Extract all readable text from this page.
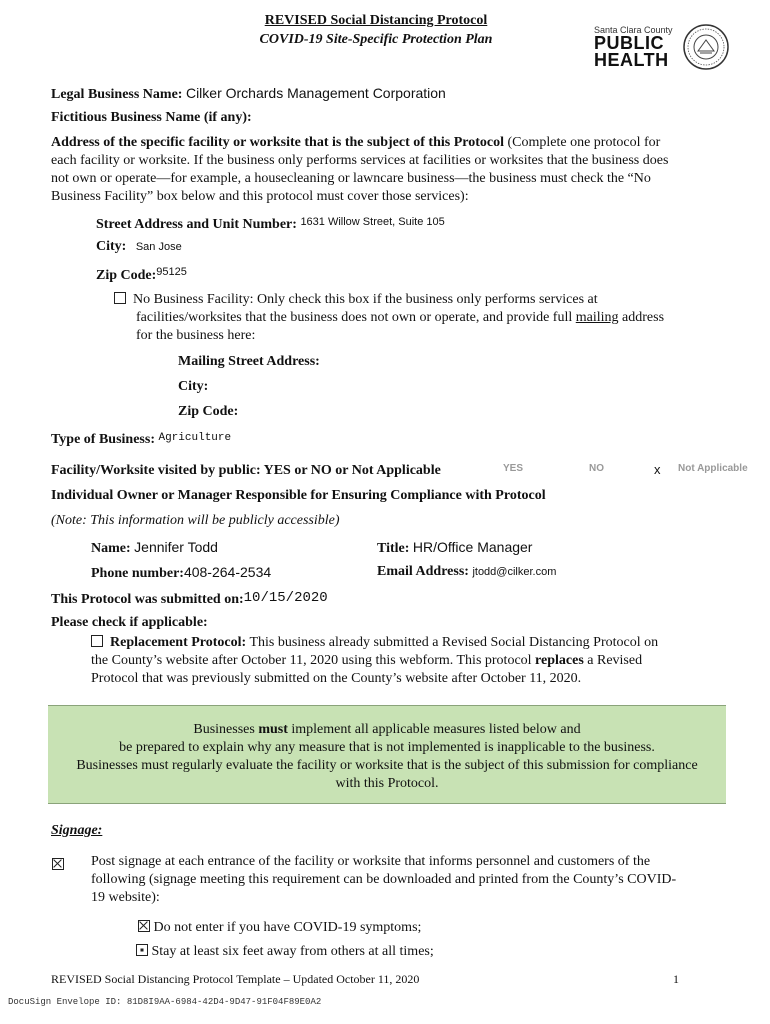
REVISED Social Distancing Protocol
COVID-19 Site-Specific Protection Plan
Santa Clara County
PUBLIC
HEALTH
Legal Business Name: Cilker Orchards Management Corporation
Fictitious Business Name (if any):
Address of the specific facility or worksite that is the subject of this Protocol (Complete one protocol for
each facility or worksite. If the business only performs services at facilities or worksites that the business does
not own or operate—for example, a housecleaning or lawncare business—the business must check the “No
Business Facility” box below and this protocol must cover those services):
Street Address and Unit Number: $^{1631 Willow Street, Suite 105}$
City: San Jose
Zip Code:$^{95125}$
No Business Facility: Only check this box if the business only performs services at
facilities/worksites that the business does not own or operate, and provide full mailing address
for the business here:
Mailing Street Address:
City:
Zip Code:
Type of Business: $^{Agriculture}$
Facility/Worksite visited by public: YES or NO or Not Applicable	YES	NO	x Not Applicable
Individual Owner or Manager Responsible for Ensuring Compliance with Protocol
(Note: This information will be publicly accessible)
Name: Jennifer Todd	Title: HR/Office Manager
Phone number:408-264-2534	Email Address: jtodd@cilker.com
This Protocol was submitted on:10/15/2020
Please check if applicable:
Replacement Protocol: This business already submitted a Revised Social Distancing Protocol on
the County’s website after October 11, 2020 using this webform. This protocol replaces a Revised
Protocol that was previously submitted on the County’s website after October 11, 2020.

Businesses must implement all applicable measures listed below and

be prepared to explain why any measure that is not implemented is inapplicable to the business.

Businesses must regularly evaluate the facility or worksite that is the subject of this submission for compliance

with this Protocol.

Signage:
Post signage at each entrance of the facility or worksite that informs personnel and customers of the
following (signage meeting this requirement can be downloaded and printed from the County’s COVID-
19 website):
Do not enter if you have COVID-19 symptoms;
Stay at least six feet away from others at all times;
REVISED Social Distancing Protocol Template – Updated October 11, 2020	1
DocuSign Envelope ID: 81D8I9AA-6984-42D4-9D47-91F04F89E0A2
